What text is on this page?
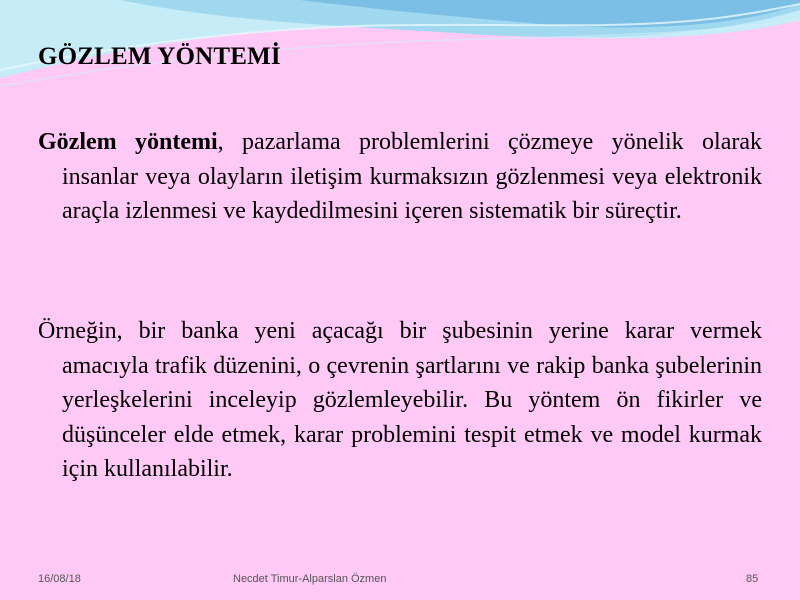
GÖZLEM YÖNTEMİ
Gözlem yöntemi, pazarlama problemlerini çözmeye yönelik olarak insanlar veya olayların iletişim kurmaksızın gözlenmesi veya elektronik araçla izlenmesi ve kaydedilmesini içeren sistematik bir süreçtir.
Örneğin, bir banka yeni açacağı bir şubesinin yerine karar vermek amacıyla trafik düzenini, o çevrenin şartlarını ve rakip banka şubelerinin yerleşkelerini inceleyip gözlemleyebilir. Bu yöntem ön fikirler ve düşünceler elde etmek, karar problemini tespit etmek ve model kurmak için kullanılabilir.
16/08/18	Necdet Timur-Alparslan Özmen	85
